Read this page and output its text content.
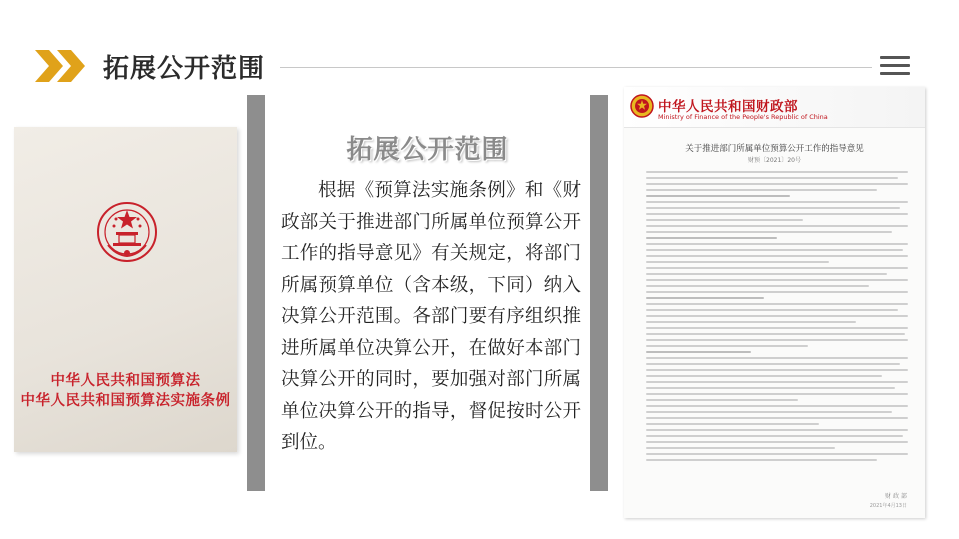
拓展公开范围
中华人民共和国预算法
中华人民共和国预算法实施条例
拓展公开范围
根据《预算法实施条例》和《财政部关于推进部门所属单位预算公开工作的指导意见》有关规定，将部门所属预算单位（含本级，下同）纳入决算公开范围。各部门要有序组织推进所属单位决算公开，在做好本部门决算公开的同时，要加强对部门所属单位决算公开的指导，督促按时公开到位。
中华人民共和国财政部
Ministry of Finance of the People's Republic of China
关于推进部门所属单位预算公开工作的指导意见
财预〔2021〕20号
财 政 部
2021年4月13日
